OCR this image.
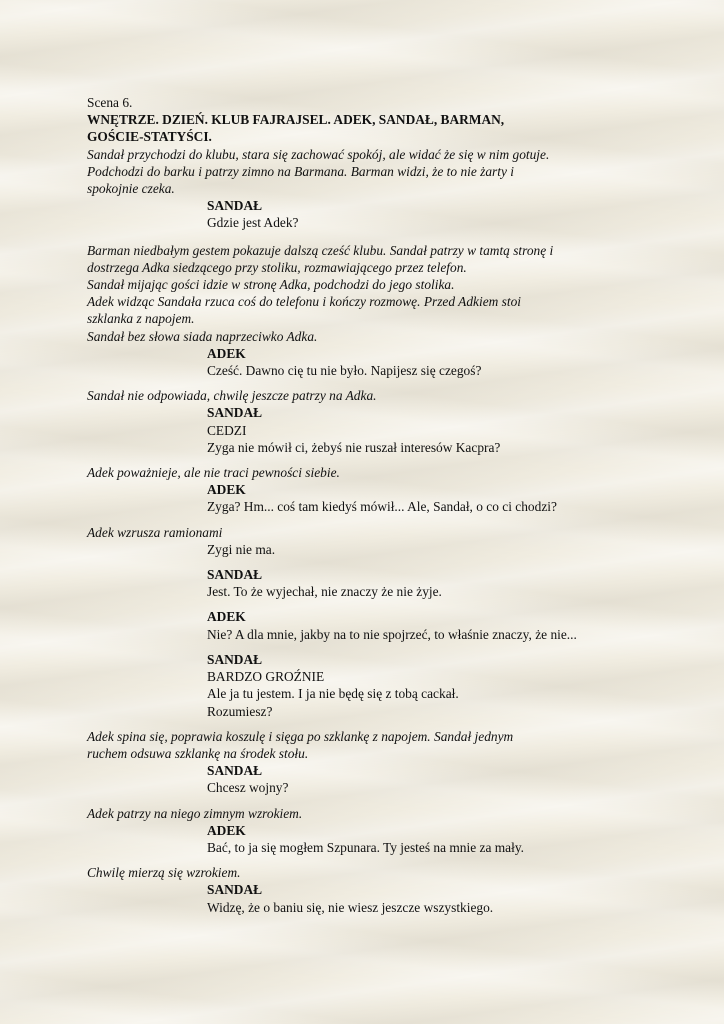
Scena 6.
WNĘTRZE. DZIEŃ. KLUB FAJRAJSEL. ADEK, SANDAŁ, BARMAN,
GOŚCIE-STATYŚCI.
Sandał przychodzi do klubu, stara się zachować spokój, ale widać że się w nim gotuje.
Podchodzi do barku i patrzy zimno na Barmana. Barman widzi, że to nie żarty i
spokojnie czeka.
SANDAŁ
Gdzie jest Adek?
Barman niedbałym gestem pokazuje dalszą cześć klubu. Sandał patrzy w tamtą stronę i
dostrzega Adka siedzącego przy stoliku, rozmawiającego przez telefon.
Sandał mijając gości idzie w stronę Adka, podchodzi do jego stolika.
Adek widząc Sandała rzuca coś do telefonu i kończy rozmowę. Przed Adkiem stoi
szklanka z napojem.
Sandał bez słowa siada naprzeciwko Adka.
ADEK
Cześć. Dawno cię tu nie było. Napijesz się czegoś?
Sandał nie odpowiada, chwilę jeszcze patrzy na Adka.
SANDAŁ
CEDZI
Zyga nie mówił ci, żebyś nie ruszał interesów Kacpra?
Adek poważnieje, ale nie traci pewności siebie.
ADEK
Zyga? Hm... coś tam kiedyś mówił... Ale, Sandał, o co ci chodzi?
Adek wzrusza ramionami
Zygi nie ma.
SANDAŁ
Jest. To że wyjechał, nie znaczy że nie żyje.
ADEK
Nie? A dla mnie, jakby na to nie spojrzeć, to właśnie znaczy, że nie...
SANDAŁ
BARDZO GROŹNIE
Ale ja tu jestem. I ja nie będę się z tobą cackał.
Rozumiesz?
Adek spina się, poprawia koszulę i sięga po szklankę z napojem. Sandał jednym
ruchem odsuwa szklankę na środek stołu.
SANDAŁ
Chcesz wojny?
Adek patrzy na niego zimnym wzrokiem.
ADEK
Bać, to ja się mogłem Szpunara. Ty jesteś na mnie za mały.
Chwilę mierzą się wzrokiem.
SANDAŁ
Widzę, że o baniu się, nie wiesz jeszcze wszystkiego.
